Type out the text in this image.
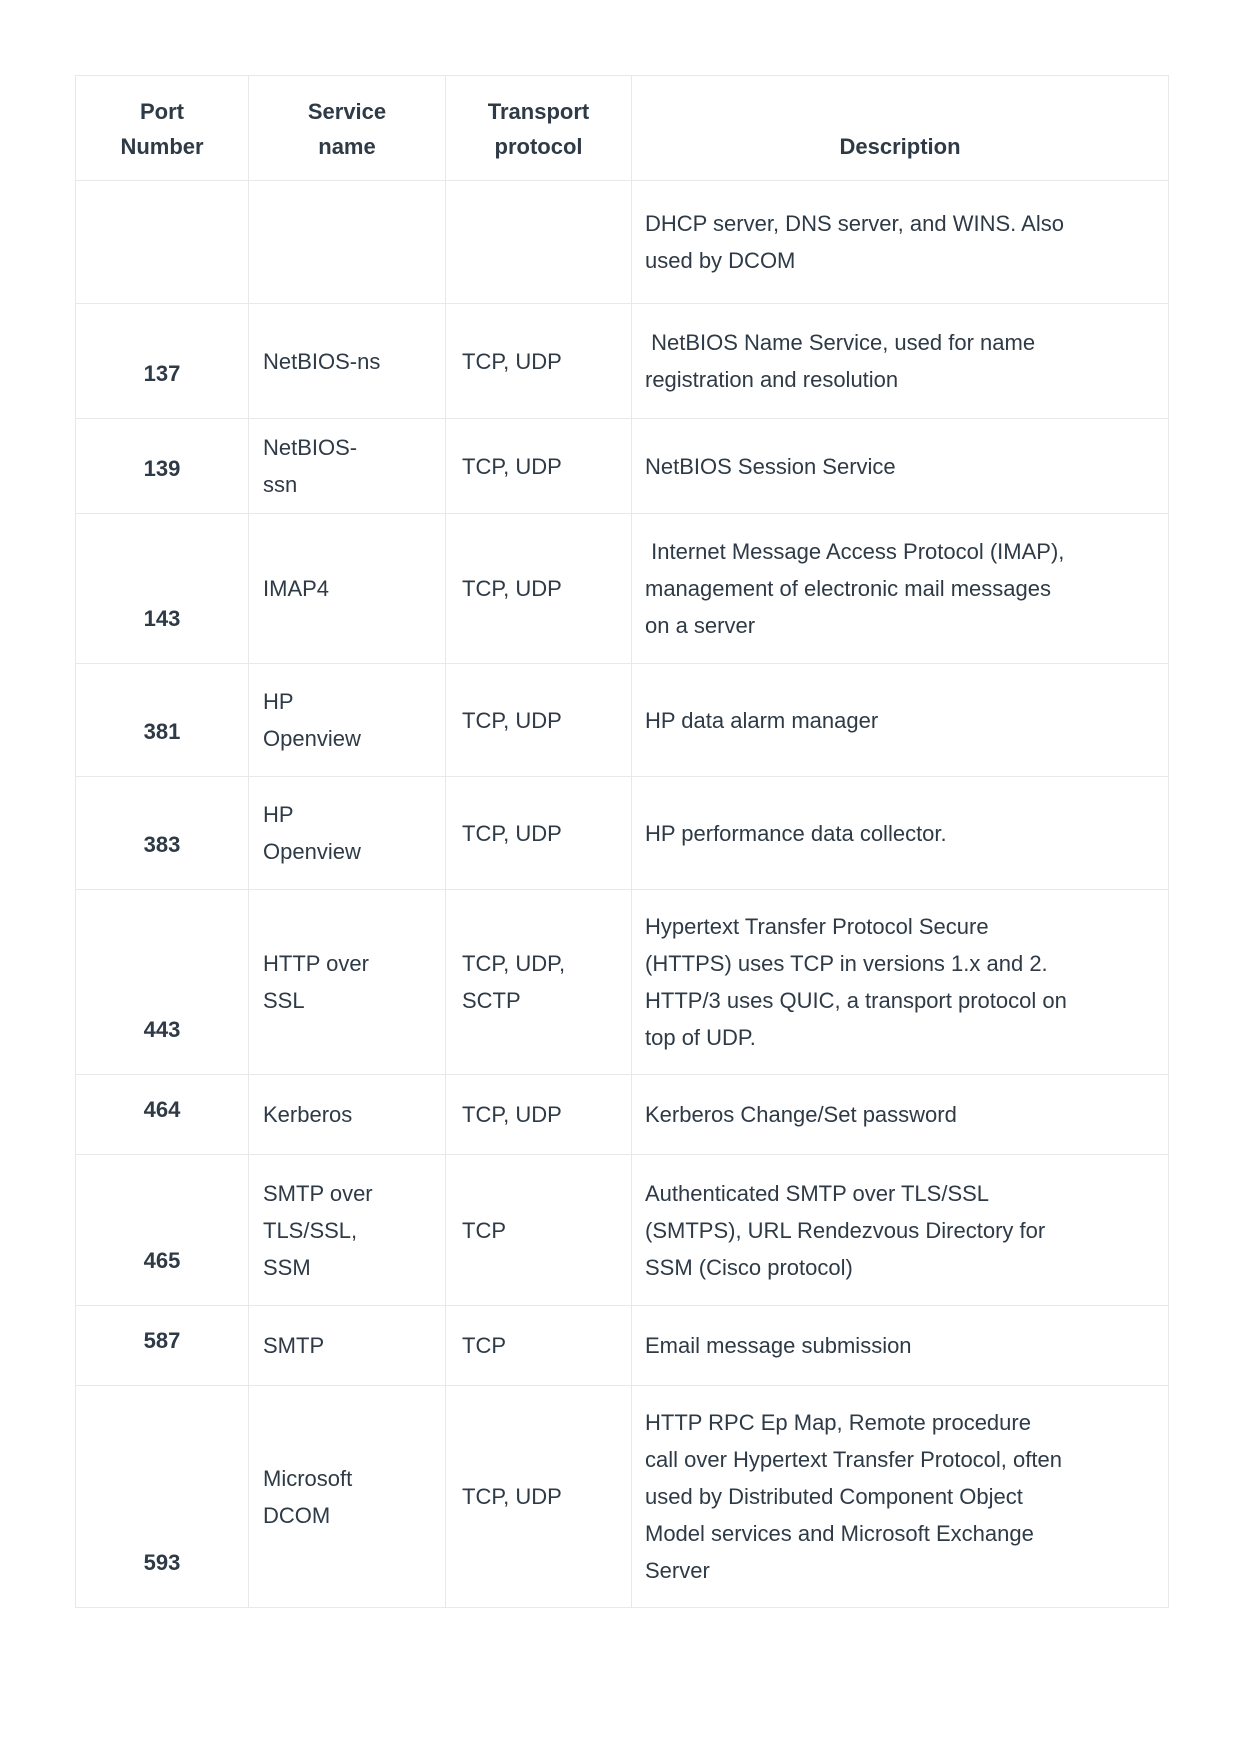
Port Number	Service name	Transport protocol	Description
			DHCP server, DNS server, and WINS. Also used by DCOM
137	NetBIOS-ns	TCP, UDP	NetBIOS Name Service, used for name registration and resolution
139	NetBIOS-ssn	TCP, UDP	NetBIOS Session Service
143	IMAP4	TCP, UDP	Internet Message Access Protocol (IMAP), management of electronic mail messages on a server
381	HP Openview	TCP, UDP	HP data alarm manager
383	HP Openview	TCP, UDP	HP performance data collector.
443	HTTP over SSL	TCP, UDP, SCTP	Hypertext Transfer Protocol Secure (HTTPS) uses TCP in versions 1.x and 2. HTTP/3 uses QUIC, a transport protocol on top of UDP.
464	Kerberos	TCP, UDP	Kerberos Change/Set password
465	SMTP over TLS/SSL, SSM	TCP	Authenticated SMTP over TLS/SSL (SMTPS), URL Rendezvous Directory for SSM (Cisco protocol)
587	SMTP	TCP	Email message submission
593	Microsoft DCOM	TCP, UDP	HTTP RPC Ep Map, Remote procedure call over Hypertext Transfer Protocol, often used by Distributed Component Object Model services and Microsoft Exchange Server
